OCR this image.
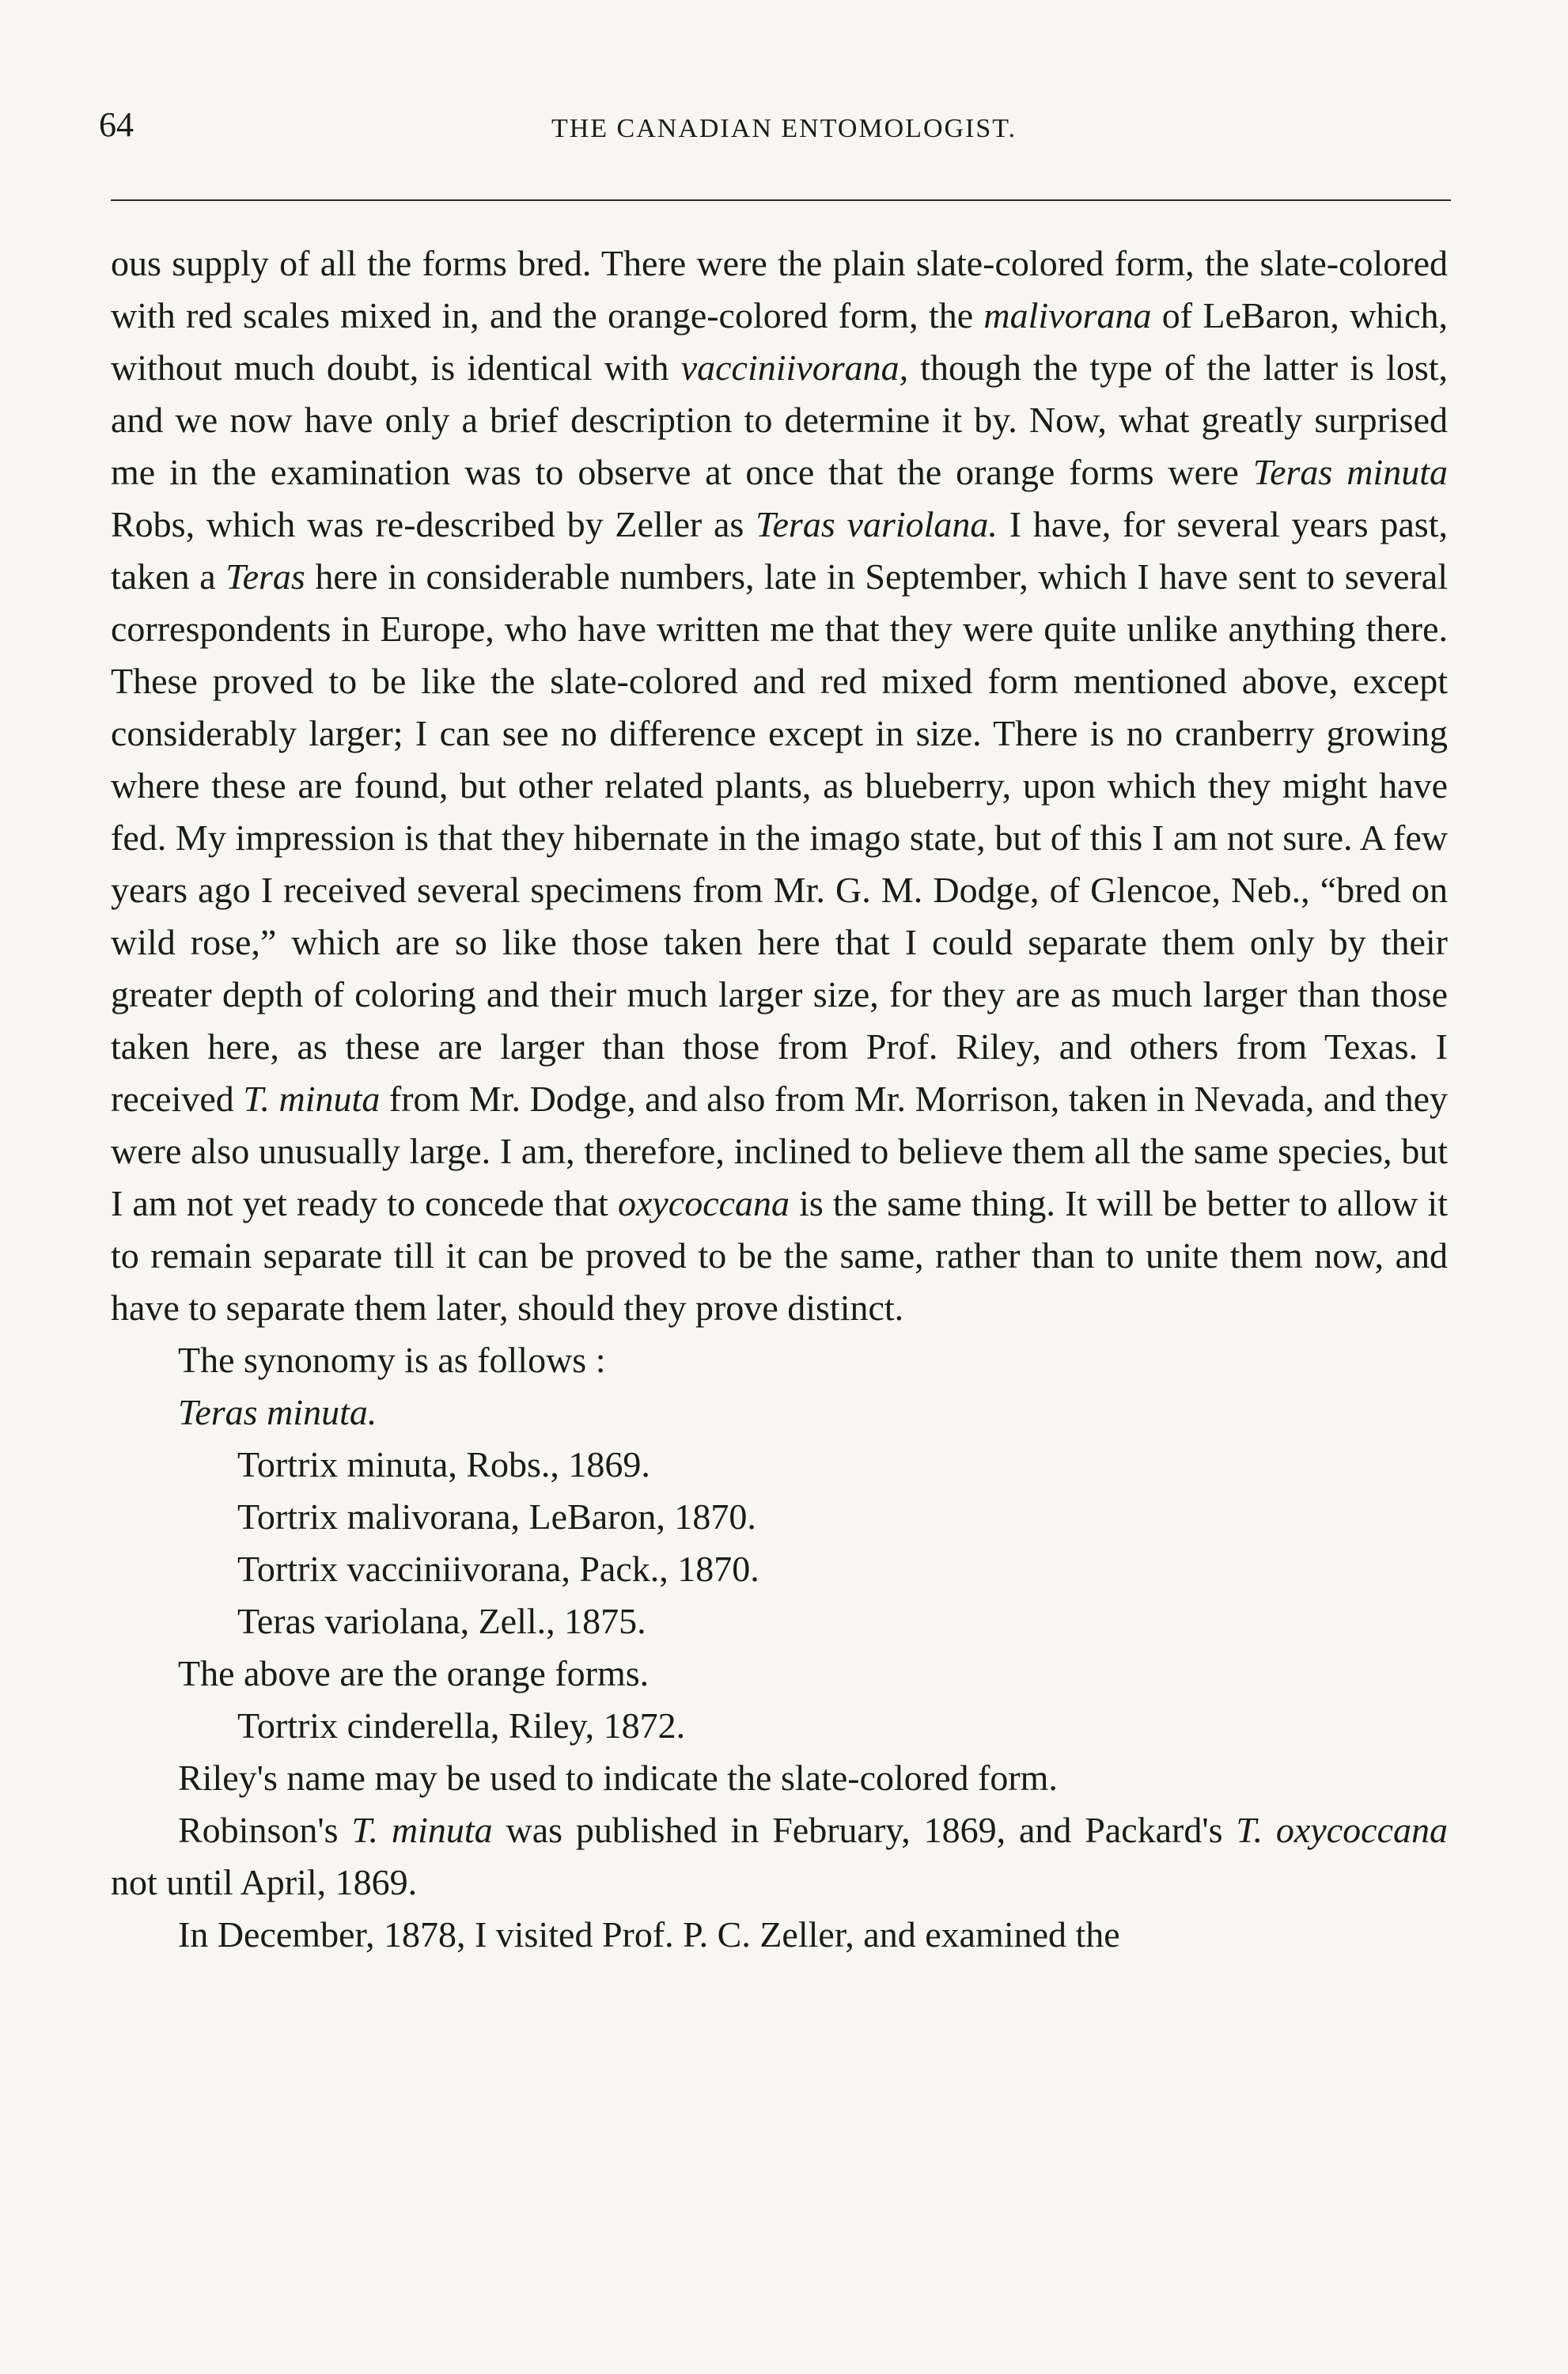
64	THE CANADIAN ENTOMOLOGIST.

ous supply of all the forms bred. There were the plain slate-colored form, the slate-colored with red scales mixed in, and the orange-colored form, the malivorana of LeBaron, which, without much doubt, is identical with vacciniivorana, though the type of the latter is lost, and we now have only a brief description to determine it by. Now, what greatly surprised me in the examination was to observe at once that the orange forms were Teras minuta Robs, which was re-described by Zeller as Teras variolana. I have, for several years past, taken a Teras here in considerable numbers, late in September, which I have sent to several correspondents in Europe, who have written me that they were quite unlike anything there. These proved to be like the slate-colored and red mixed form mentioned above, except considerably larger; I can see no difference except in size. There is no cranberry growing where these are found, but other related plants, as blueberry, upon which they might have fed. My impression is that they hibernate in the imago state, but of this I am not sure. A few years ago I received several specimens from Mr. G. M. Dodge, of Glencoe, Neb., “bred on wild rose,” which are so like those taken here that I could separate them only by their greater depth of coloring and their much larger size, for they are as much larger than those taken here, as these are larger than those from Prof. Riley, and others from Texas. I received T. minuta from Mr. Dodge, and also from Mr. Morrison, taken in Nevada, and they were also unusually large. I am, therefore, inclined to believe them all the same species, but I am not yet ready to concede that oxycoccana is the same thing. It will be better to allow it to remain separate till it can be proved to be the same, rather than to unite them now, and have to separate them later, should they prove distinct.

The synonomy is as follows :
Teras minuta.
Tortrix minuta, Robs., 1869.
Tortrix malivorana, LeBaron, 1870.
Tortrix vacciniivorana, Pack., 1870.
Teras variolana, Zell., 1875.
The above are the orange forms.
Tortrix cinderella, Riley, 1872.
Riley's name may be used to indicate the slate-colored form.

Robinson's T. minuta was published in February, 1869, and Packard's T. oxycoccana not until April, 1869.

In December, 1878, I visited Prof. P. C. Zeller, and examined the
